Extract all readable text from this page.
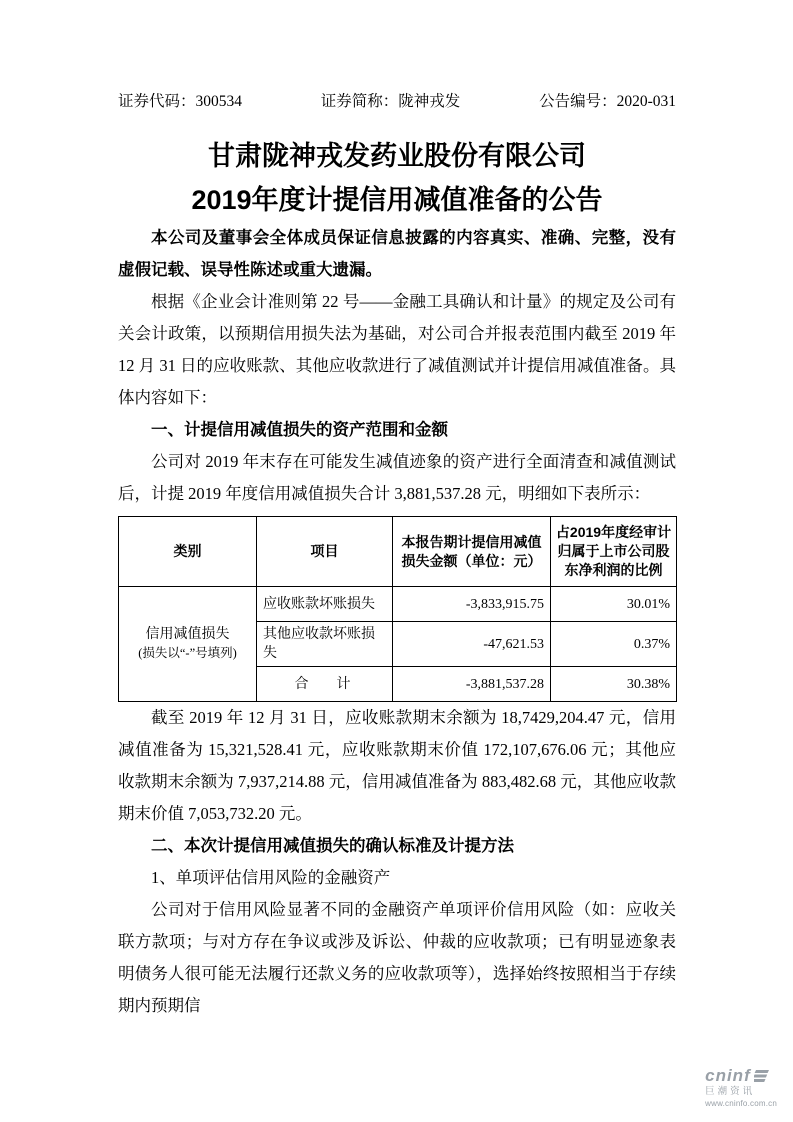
证券代码：300534	证券简称：陇神戎发	公告编号：2020-031
甘肃陇神戎发药业股份有限公司
2019年度计提信用减值准备的公告

本公司及董事会全体成员保证信息披露的内容真实、准确、完整，没有虚假记载、误导性陈述或重大遗漏。

根据《企业会计准则第 22 号——金融工具确认和计量》的规定及公司有关会计政策，以预期信用损失法为基础，对公司合并报表范围内截至 2019 年 12 月 31 日的应收账款、其他应收款进行了减值测试并计提信用减值准备。具体内容如下：

一、计提信用减值损失的资产范围和金额

公司对 2019 年末存在可能发生减值迹象的资产进行全面清查和减值测试后，计提 2019 年度信用减值损失合计 3,881,537.28 元，明细如下表所示：

类别	项目	本报告期计提信用减值损失金额（单位：元）	占2019年度经审计归属于上市公司股东净利润的比例
信用减值损失
(损失以“-”号填列)	应收账款坏账损失	-3,833,915.75	30.01%
	其他应收款坏账损失	-47,621.53	0.37%
	合　　计	-3,881,537.28	30.38%

截至 2019 年 12 月 31 日，应收账款期末余额为 18,7429,204.47 元，信用减值准备为 15,321,528.41 元，应收账款期末价值 172,107,676.06 元；其他应收款期末余额为 7,937,214.88 元，信用减值准备为 883,482.68 元，其他应收款期末价值 7,053,732.20 元。

二、本次计提信用减值损失的确认标准及计提方法

1、单项评估信用风险的金融资产

公司对于信用风险显著不同的金融资产单项评价信用风险（如：应收关联方款项；与对方存在争议或涉及诉讼、仲裁的应收款项；已有明显迹象表明债务人很可能无法履行还款义务的应收款项等），选择始终按照相当于存续期内预期信

cninf
巨潮资讯
www.cninfo.com.cn
